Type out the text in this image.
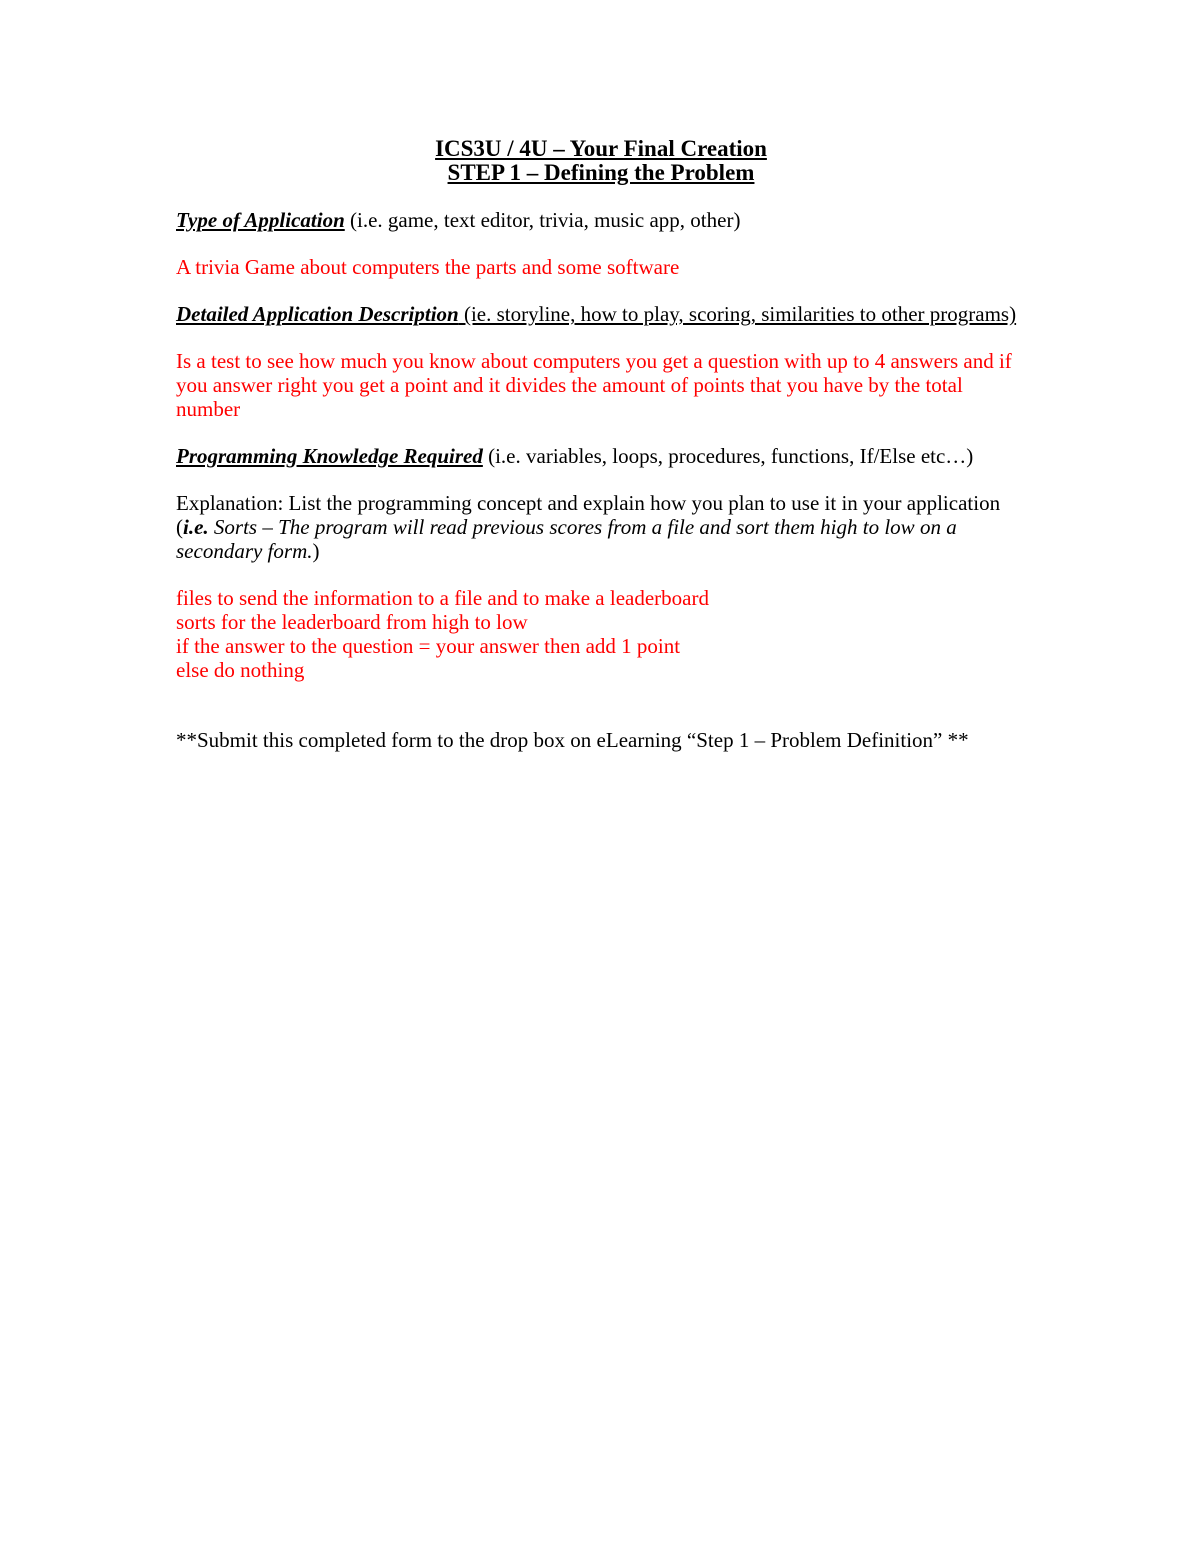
ICS3U / 4U – Your Final Creation

STEP 1 – Defining the Problem

Type of Application (i.e. game, text editor, trivia, music app, other)

A trivia Game about computers the parts and some software

Detailed Application Description (ie. storyline, how to play, scoring, similarities to other programs)

Is a test to see how much you know about computers you get a question with up to 4 answers and if you answer right you get a point and it divides the amount of points that you have by the total number

Programming Knowledge Required (i.e. variables, loops, procedures, functions, If/Else etc…)

Explanation: List the programming concept and explain how you plan to use it in your application (i.e. Sorts – The program will read previous scores from a file and sort them high to low on a secondary form.)

files to send the information to a file and to make a leaderboard

sorts for the leaderboard from high to low

if the answer to the question = your answer then add 1 point

else do nothing

**Submit this completed form to the drop box on eLearning “Step 1 – Problem Definition” **
